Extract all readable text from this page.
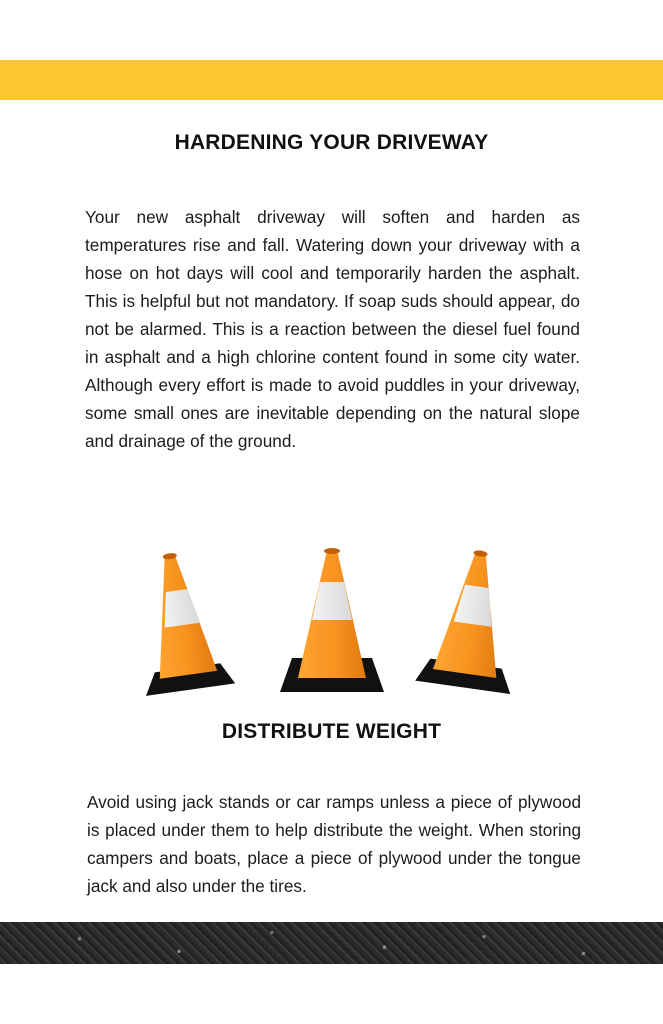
HARDENING YOUR DRIVEWAY

Your new asphalt driveway will soften and harden as temperatures rise and fall. Watering down your driveway with a hose on hot days will cool and temporarily harden the asphalt. This is helpful but not mandatory. If soap suds should appear, do not be alarmed. This is a reaction between the diesel fuel found in asphalt and a high chlorine content found in some city water. Although every effort is made to avoid puddles in your driveway, some small ones are inevitable depending on the natural slope and drainage of the ground.

DISTRIBUTE WEIGHT

Avoid using jack stands or car ramps unless a piece of plywood is placed under them to help distribute the weight. When storing campers and boats, place a piece of plywood under the tongue jack and also under the tires.
